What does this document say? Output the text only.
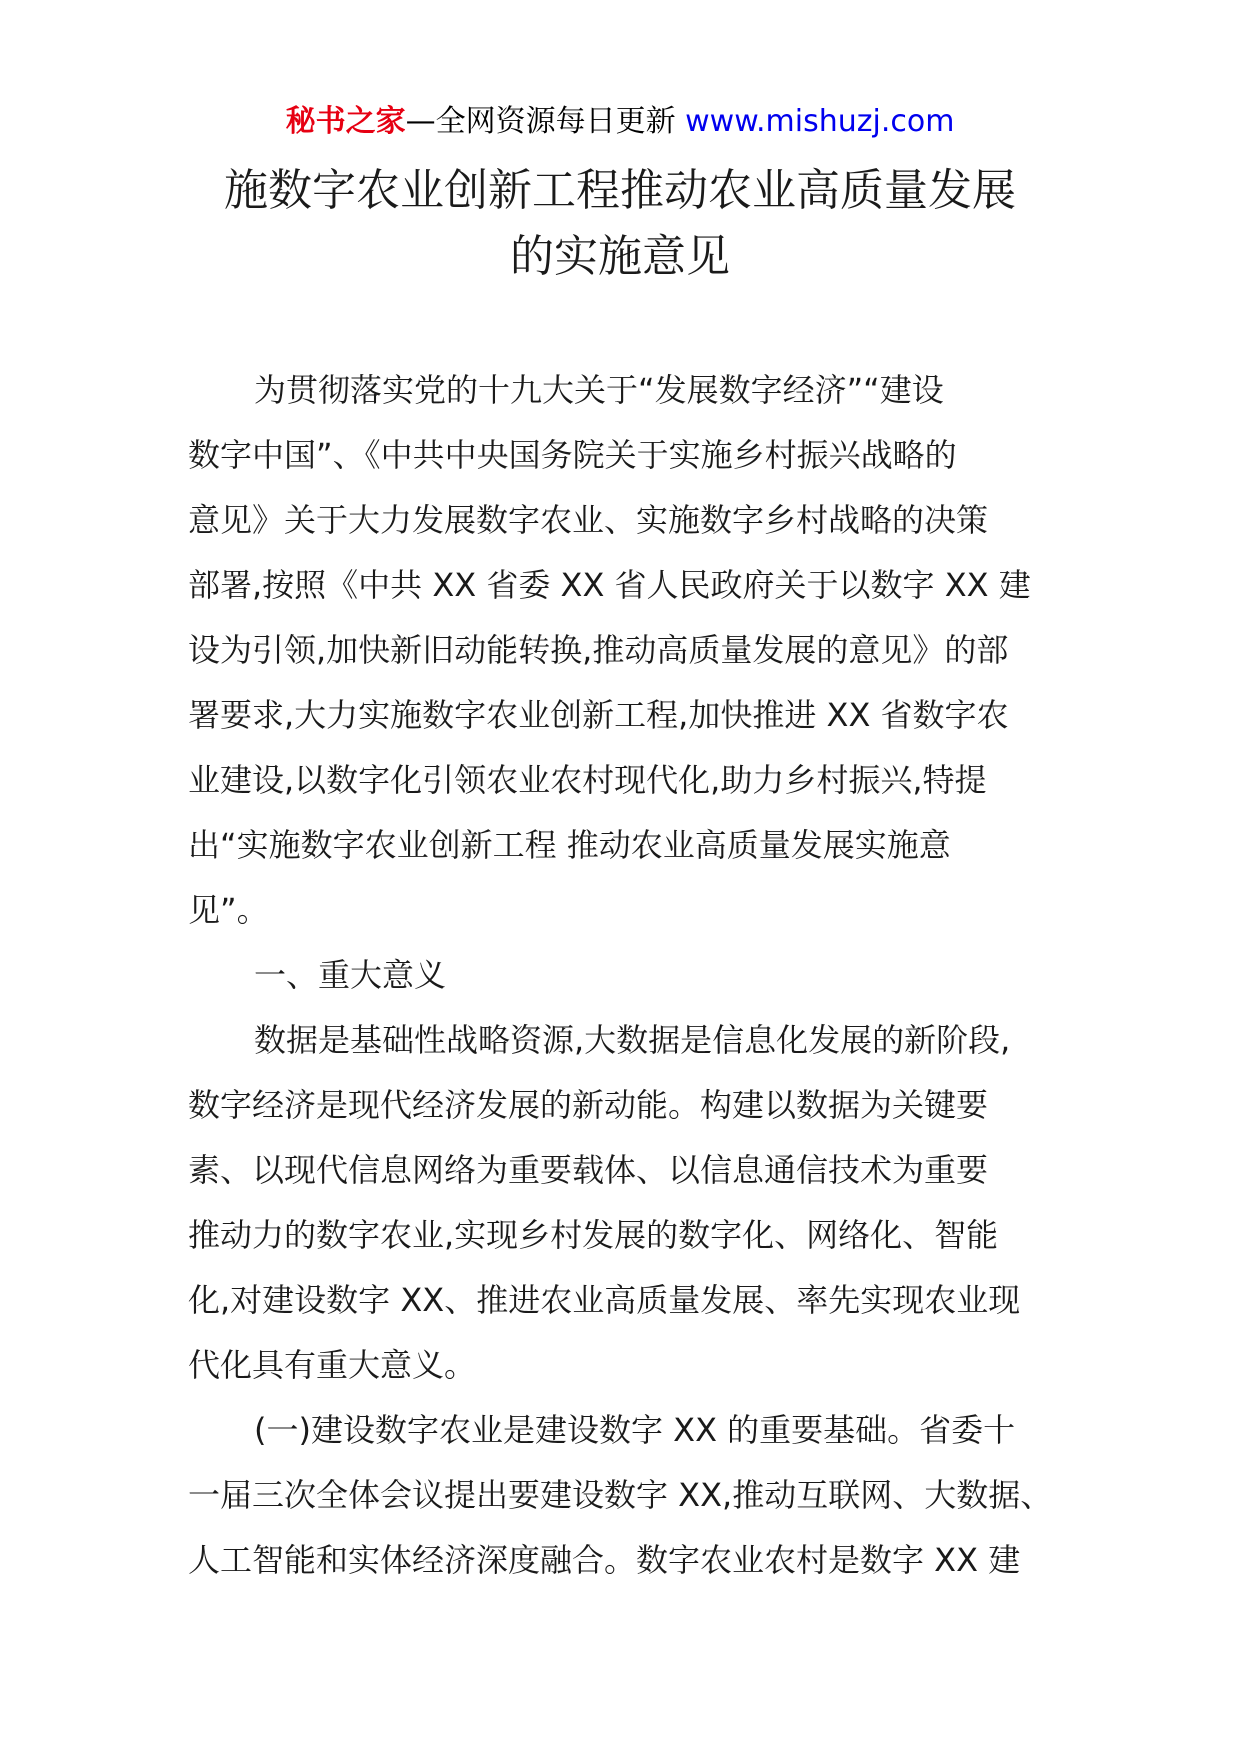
秘书之家—全网资源每日更新 www.mishuzj.com
施数字农业创新工程推动农业高质量发展
的实施意见
为贯彻落实党的十九大关于“发展数字经济”“建设
数字中国”、《中共中央国务院关于实施乡村振兴战略的
意见》关于大力发展数字农业、实施数字乡村战略的决策
部署,按照《中共 XX 省委 XX 省人民政府关于以数字 XX 建
设为引领,加快新旧动能转换,推动高质量发展的意见》的部
署要求,大力实施数字农业创新工程,加快推进 XX 省数字农
业建设,以数字化引领农业农村现代化,助力乡村振兴,特提
出“实施数字农业创新工程 推动农业高质量发展实施意
见”。
一、重大意义
数据是基础性战略资源,大数据是信息化发展的新阶段,
数字经济是现代经济发展的新动能。构建以数据为关键要
素、以现代信息网络为重要载体、以信息通信技术为重要
推动力的数字农业,实现乡村发展的数字化、网络化、智能
化,对建设数字 XX、推进农业高质量发展、率先实现农业现
代化具有重大意义。
(一)建设数字农业是建设数字 XX 的重要基础。省委十
一届三次全体会议提出要建设数字 XX,推动互联网、大数据、
人工智能和实体经济深度融合。数字农业农村是数字 XX 建
